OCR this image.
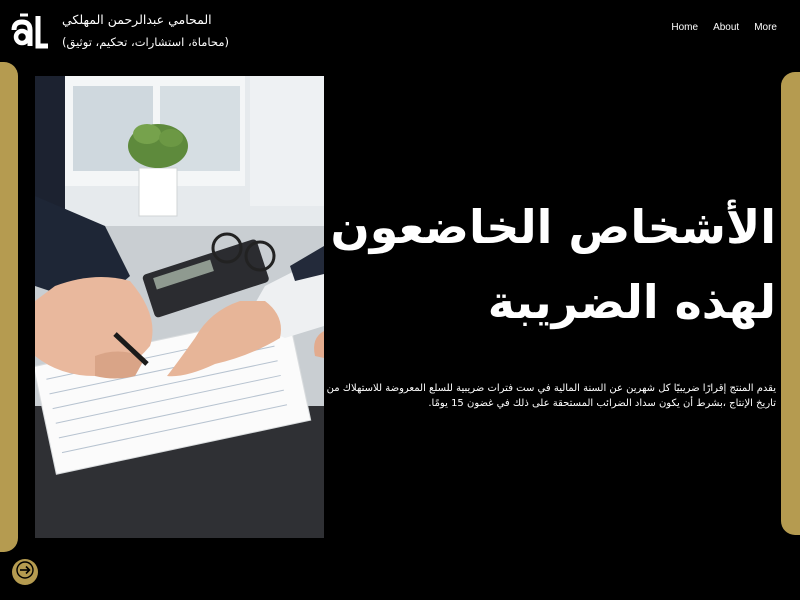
المحامي عبدالرحمن المهلكي
(محاماة، استشارات، تحكيم، توثيق)
Home About More
الأشخاص الخاضعون
لهذه الضريبة
يقدم المنتج إقرارًا ضريبيًا كل شهرين عن السنة المالية في ست فترات ضريبية للسلع المعروضة للاستهلاك من تاريخ الإنتاج ،بشرط أن يكون سداد الضرائب المستحقة على ذلك في غضون 15 يومًا.
